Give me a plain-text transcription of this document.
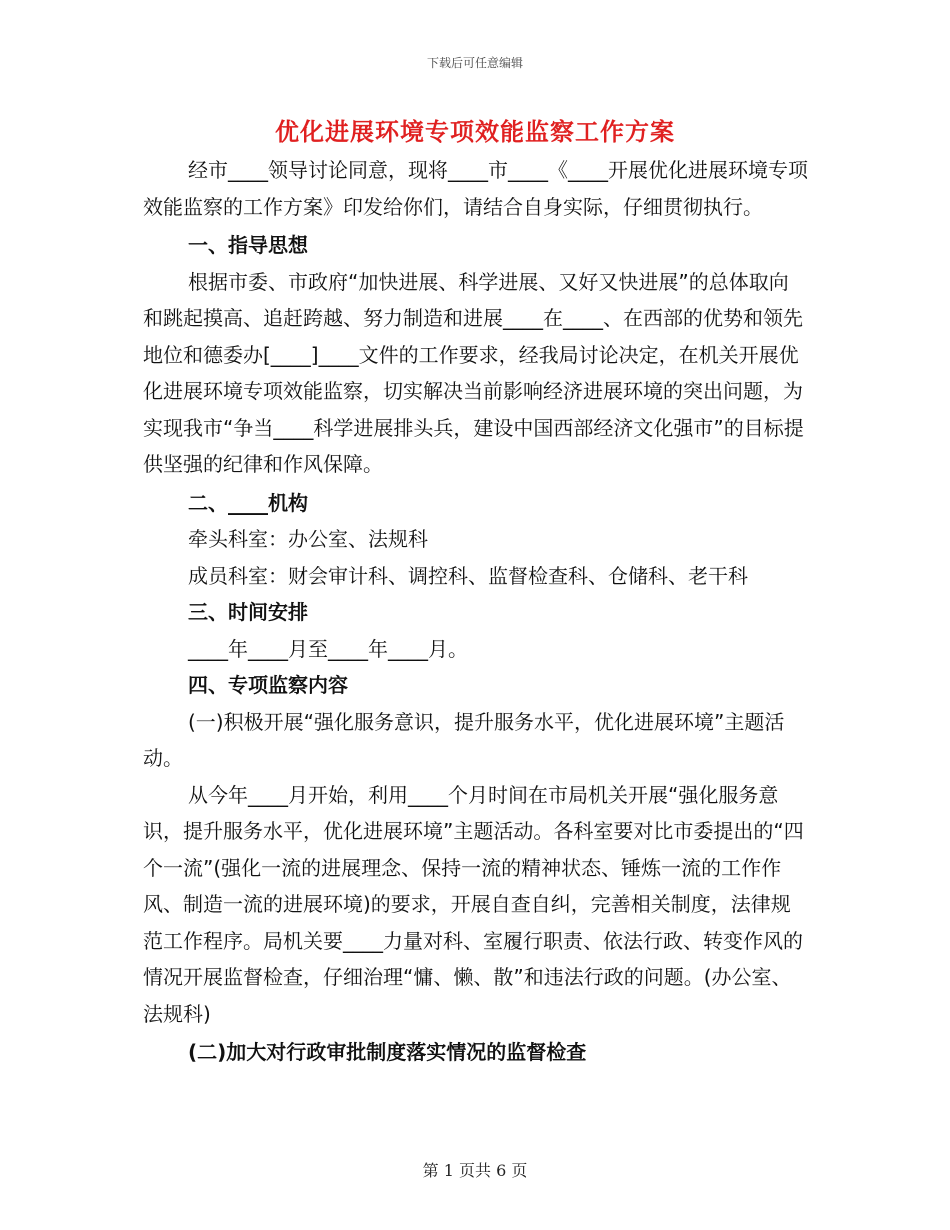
下载后可任意编辑
优化进展环境专项效能监察工作方案

经市____领导讨论同意，现将____市____《____开展优化进展环境专项效能监察的工作方案》印发给你们，请结合自身实际，仔细贯彻执行。

一、指导思想

根据市委、市政府“加快进展、科学进展、又好又快进展”的总体取向和跳起摸高、追赶跨越、努力制造和进展____在____、在西部的优势和领先地位和德委办[____]____文件的工作要求，经我局讨论决定，在机关开展优化进展环境专项效能监察，切实解决当前影响经济进展环境的突出问题，为实现我市“争当____科学进展排头兵，建设中国西部经济文化强市”的目标提供坚强的纪律和作风保障。

二、____机构

牵头科室：办公室、法规科

成员科室：财会审计科、调控科、监督检查科、仓储科、老干科

三、时间安排

____年____月至____年____月。

四、专项监察内容

(一)积极开展“强化服务意识，提升服务水平，优化进展环境”主题活动。

从今年____月开始，利用____个月时间在市局机关开展“强化服务意识，提升服务水平，优化进展环境”主题活动。各科室要对比市委提出的“四个一流”(强化一流的进展理念、保持一流的精神状态、锤炼一流的工作作风、制造一流的进展环境)的要求，开展自查自纠，完善相关制度，法律规范工作程序。局机关要____力量对科、室履行职责、依法行政、转变作风的情况开展监督检查，仔细治理“慵、懒、散”和违法行政的问题。(办公室、法规科)

(二)加大对行政审批制度落实情况的监督检查

第 1 页共 6 页
